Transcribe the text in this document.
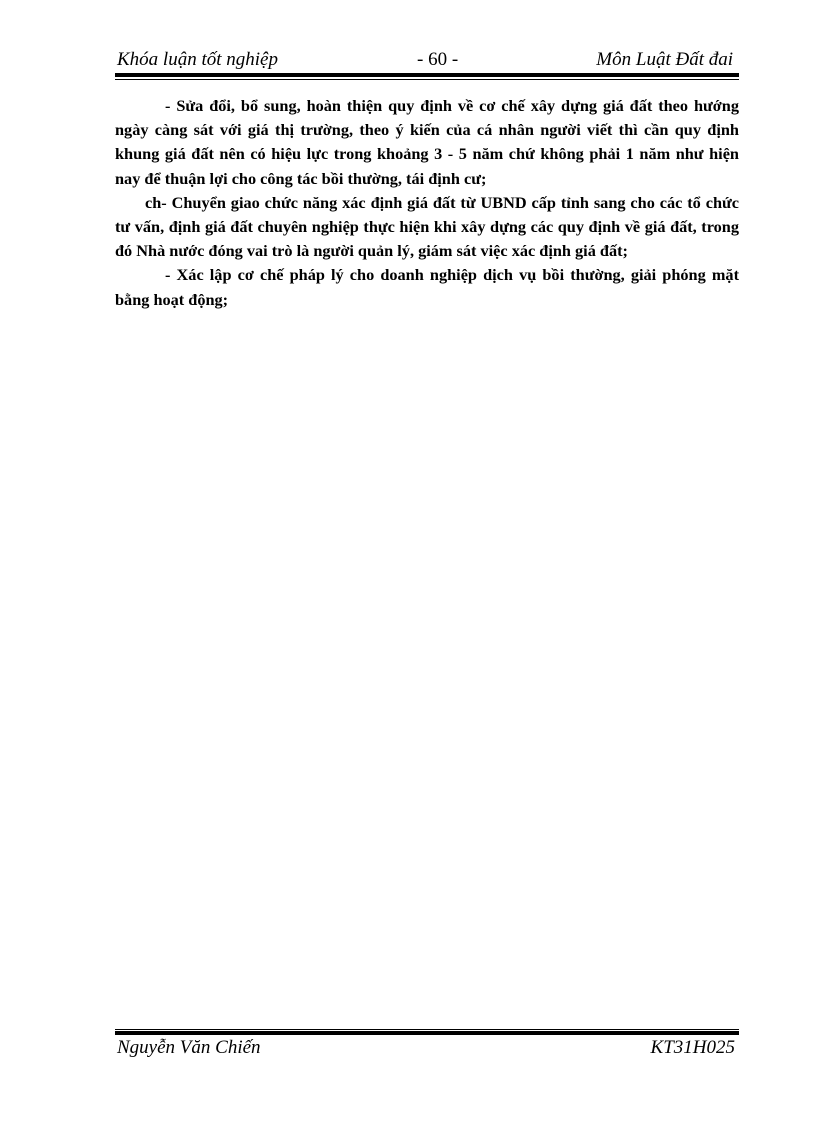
Khóa luận tốt nghiệp	- 60 -	Môn Luật Đất đai

- Sửa đổi, bổ sung, hoàn thiện quy định về cơ chế xây dựng giá đất theo hướng ngày càng sát với giá thị trường, theo ý kiến của cá nhân người viết thì cần quy định khung giá đất nên có hiệu lực trong khoảng 3 - 5 năm chứ không phải 1 năm như hiện nay để thuận lợi cho công tác bồi thường, tái định cư;

ch- Chuyển giao chức năng xác định giá đất từ UBND cấp tỉnh sang cho các tổ chức tư vấn, định giá đất chuyên nghiệp thực hiện khi xây dựng các quy định về giá đất, trong đó Nhà nước đóng vai trò là người quản lý, giám sát việc xác định giá đất;

- Xác lập cơ chế pháp lý cho doanh nghiệp dịch vụ bồi thường, giải phóng mặt bằng hoạt động;

Nguyễn Văn Chiến	KT31H025
